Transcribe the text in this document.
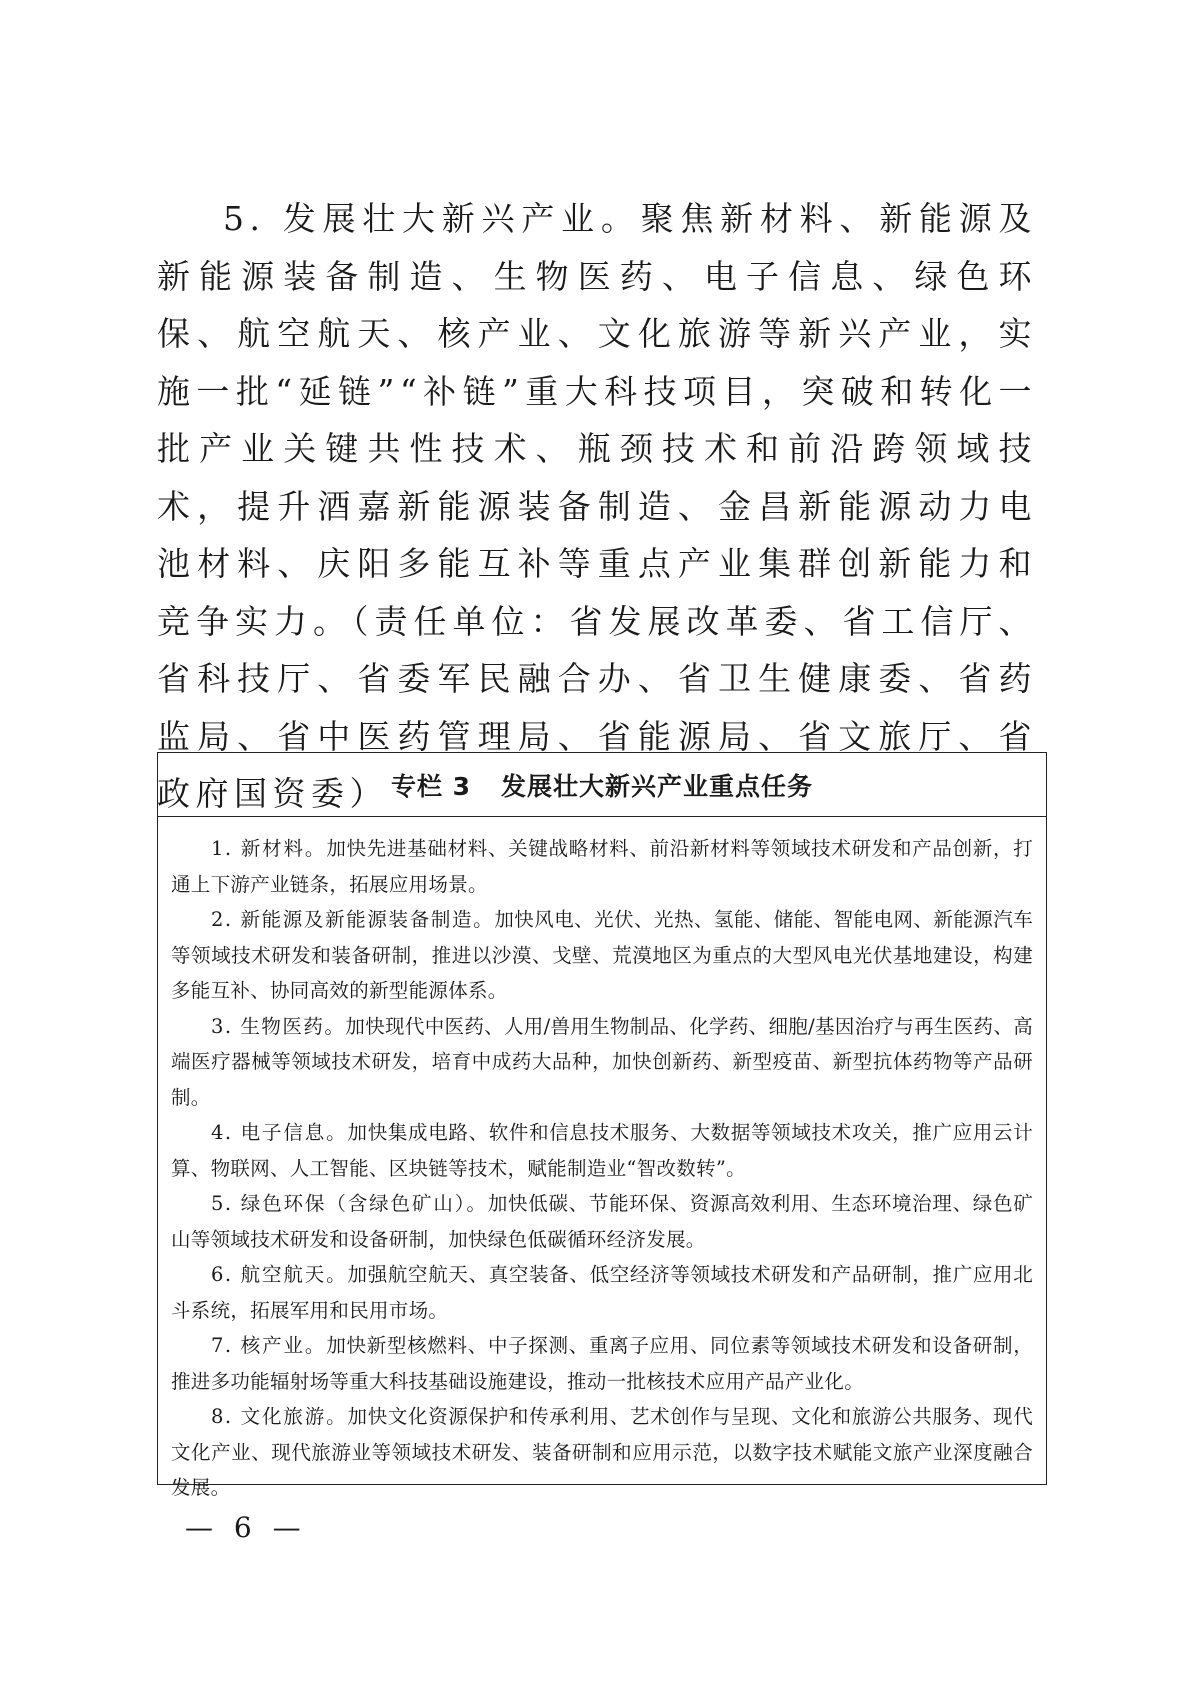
5. 发展壮大新兴产业。聚焦新材料、新能源及新能源装备制造、生物医药、电子信息、绿色环保、航空航天、核产业、文化旅游等新兴产业，实施一批“延链”“补链”重大科技项目，突破和转化一批产业关键共性技术、瓶颈技术和前沿跨领域技术，提升酒嘉新能源装备制造、金昌新能源动力电池材料、庆阳多能互补等重点产业集群创新能力和竞争实力。（责任单位：省发展改革委、省工信厅、省科技厅、省委军民融合办、省卫生健康委、省药监局、省中医药管理局、省能源局、省文旅厅、省政府国资委） 专栏 3 发展壮大新兴产业重点任务

1. 新材料。加快先进基础材料、关键战略材料、前沿新材料等领域技术研发和产品创新，打通上下游产业链条，拓展应用场景。

2. 新能源及新能源装备制造。加快风电、光伏、光热、氢能、储能、智能电网、新能源汽车等领域技术研发和装备研制，推进以沙漠、戈壁、荒漠地区为重点的大型风电光伏基地建设，构建多能互补、协同高效的新型能源体系。

3. 生物医药。加快现代中医药、人用/兽用生物制品、化学药、细胞/基因治疗与再生医药、高端医疗器械等领域技术研发，培育中成药大品种，加快创新药、新型疫苗、新型抗体药物等产品研制。

4. 电子信息。加快集成电路、软件和信息技术服务、大数据等领域技术攻关，推广应用云计算、物联网、人工智能、区块链等技术，赋能制造业“智改数转”。

5. 绿色环保（含绿色矿山）。加快低碳、节能环保、资源高效利用、生态环境治理、绿色矿山等领域技术研发和设备研制，加快绿色低碳循环经济发展。

6. 航空航天。加强航空航天、真空装备、低空经济等领域技术研发和产品研制，推广应用北斗系统，拓展军用和民用市场。

7. 核产业。加快新型核燃料、中子探测、重离子应用、同位素等领域技术研发和设备研制，推进多功能辐射场等重大科技基础设施建设，推动一批核技术应用产品产业化。

8. 文化旅游。加快文化资源保护和传承利用、艺术创作与呈现、文化和旅游公共服务、现代文化产业、现代旅游业等领域技术研发、装备研制和应用示范，以数字技术赋能文旅产业深度融合发展。

— 6 —
